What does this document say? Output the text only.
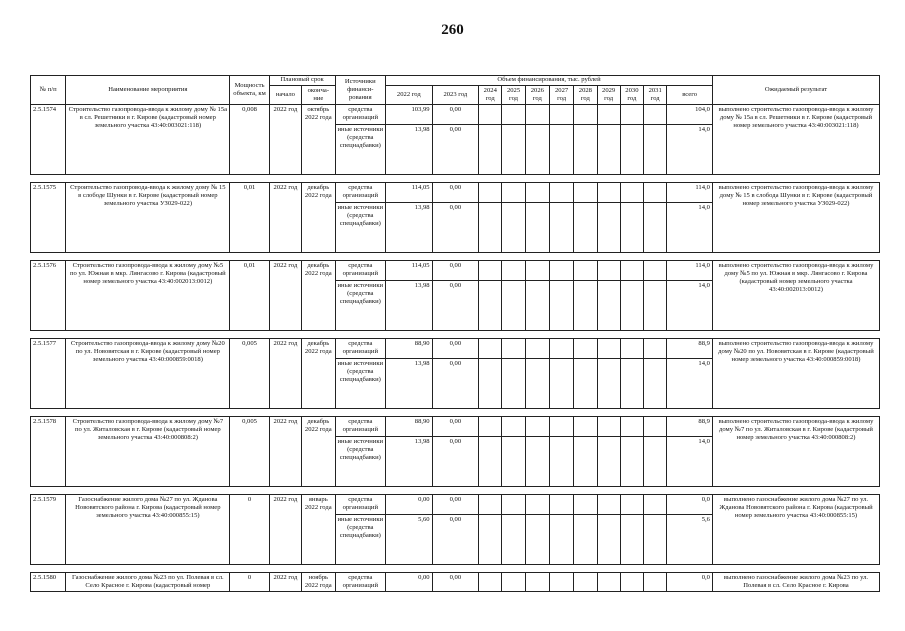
260
№ п/п	Наименование мероприятия	Мощность объекта, км	Плановый срок		Источники финанси-рования	Объем финансирования, тыс. рублей											Ожидаемый результат
			начало	оконча-ние		2022 год	2023 год	2024 год	2025 год	2026 год	2027 год	2028 год	2029 год	2030 год	2031 год	всего	
2.5.1574	Строительство газопровода-ввода к жилому дому № 15а в сл. Решетники в г. Кирове (кадастровый номер земельного участка 43:40:003021:118)	0,008	2022 год	октябрь 2022 года	средства организаций	103,99	0,00									104,0	выполнено строительство газопровода-ввода к жилому дому № 15а в сл. Решетники в г. Кирове (кадастровый номер земельного участка 43:40:003021:118)
					иные источники (средства спецнадбавки)	13,98	0,00									14,0	

2.5.1575	Строительство газопровода-ввода к жилому дому № 15 в слободе Шунки в г. Кирове (кадастровый номер земельного участка УЗ029-022)	0,01	2022 год	декабрь 2022 года	средства организаций	114,05	0,00									114,0	выполнено строительство газопровода-ввода к жилому дому № 15 в слобода Шунки в г. Кирове (кадастровый номер земельного участка УЗ029-022)
					иные источники (средства спецнадбавки)	13,98	0,00									14,0	

2.5.1576	Строительство газопровода-ввода к жилому дому №5 по ул. Южная в мкр. Лянгасово г. Кирова (кадастровый номер земельного участка 43:40:002013:0012)	0,01	2022 год	декабрь 2022 года	средства организаций	114,05	0,00									114,0	выполнено строительство газопровода-ввода к жилому дому №5 по ул. Южная в мкр. Лянгасово г. Кирова (кадастровый номер земельного участка 43:40:002013:0012)
					иные источники (средства спецнадбавки)	13,98	0,00									14,0	

2.5.1577	Строительство газопровода-ввода к жилому дому №20 по ул. Нововятская в г. Кирове (кадастровый номер земельного участка 43:40:000859:0018)	0,005	2022 год	декабрь 2022 года	средства организаций	88,90	0,00									88,9	выполнено строительство газопровода-ввода к жилому дому №20 по ул. Нововятская в г. Кирове (кадастровый номер земельного участка 43:40:000859:0018)
					иные источники (средства спецнадбавки)	13,98	0,00									14,0	

2.5.1578	Строительство газопровода-ввода к жилому дому №7 по ул. Житаловская в г. Кирове (кадастровый номер земельного участка 43:40:000808:2)	0,005	2022 год	декабрь 2022 года	средства организаций	88,90	0,00									88,9	выполнено строительство газопровода-ввода к жилому дому №7 по ул. Житаловская в г. Кирове (кадастровый номер земельного участка 43:40:000808:2)
					иные источники (средства спецнадбавки)	13,98	0,00									14,0	

2.5.1579	Газоснабжение жилого дома №27 по ул. Жданова Нововятского района г. Кирова (кадастровый номер земельного участка 43:40:000855:15)	0	2022 год	январь 2022 года	средства организаций	0,00	0,00									0,0	выполнено газоснабжение жилого дома №27 по ул. Жданова Нововятского района г. Кирова (кадастровый номер земельного участка 43:40:000855:15)
					иные источники (средства спецнадбавки)	5,60	0,00									5,6	

2.5.1580	Газоснабжение жилого дома №23 по ул. Полевая в сл. Село Красное г. Кирова (кадастровый номер	0	2022 год	ноябрь 2022 года	средства организаций	0,00	0,00									0,0	выполнено газоснабжение жилого дома №23 по ул. Полевая в сл. Село Красное г. Кирова
